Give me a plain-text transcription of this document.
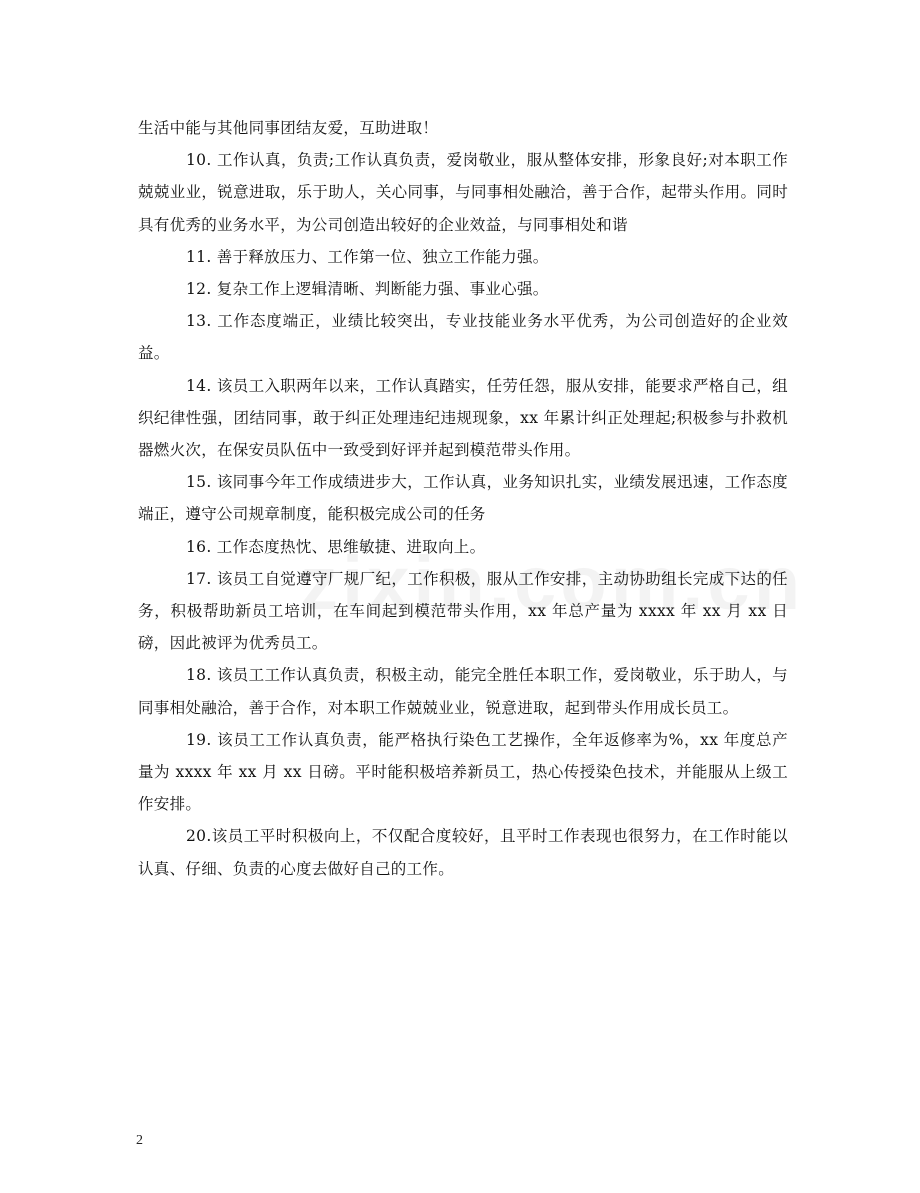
生活中能与其他同事团结友爱，互助进取！

10. 工作认真，负责;工作认真负责，爱岗敬业，服从整体安排，形象良好;对本职工作兢兢业业，锐意进取，乐于助人，关心同事，与同事相处融洽，善于合作，起带头作用。同时具有优秀的业务水平，为公司创造出较好的企业效益，与同事相处和谐

11. 善于释放压力、工作第一位、独立工作能力强。

12. 复杂工作上逻辑清晰、判断能力强、事业心强。

13. 工作态度端正，业绩比较突出，专业技能业务水平优秀，为公司创造好的企业效益。

14. 该员工入职两年以来，工作认真踏实，任劳任怨，服从安排，能要求严格自己，组织纪律性强，团结同事，敢于纠正处理违纪违规现象，xx 年累计纠正处理起;积极参与扑救机器燃火次，在保安员队伍中一致受到好评并起到模范带头作用。

15. 该同事今年工作成绩进步大，工作认真，业务知识扎实，业绩发展迅速，工作态度端正，遵守公司规章制度，能积极完成公司的任务

16. 工作态度热忱、思维敏捷、进取向上。

17. 该员工自觉遵守厂规厂纪，工作积极，服从工作安排，主动协助组长完成下达的任务，积极帮助新员工培训，在车间起到模范带头作用，xx 年总产量为 xxxx 年 xx 月 xx 日磅，因此被评为优秀员工。

18. 该员工工作认真负责，积极主动，能完全胜任本职工作，爱岗敬业，乐于助人，与同事相处融洽，善于合作，对本职工作兢兢业业，锐意进取，起到带头作用成长员工。

19. 该员工工作认真负责，能严格执行染色工艺操作，全年返修率为%，xx 年度总产量为 xxxx 年 xx 月 xx 日磅。平时能积极培养新员工，热心传授染色技术，并能服从上级工作安排。

20.该员工平时积极向上，不仅配合度较好，且平时工作表现也很努力，在工作时能以认真、仔细、负责的心度去做好自己的工作。

2
